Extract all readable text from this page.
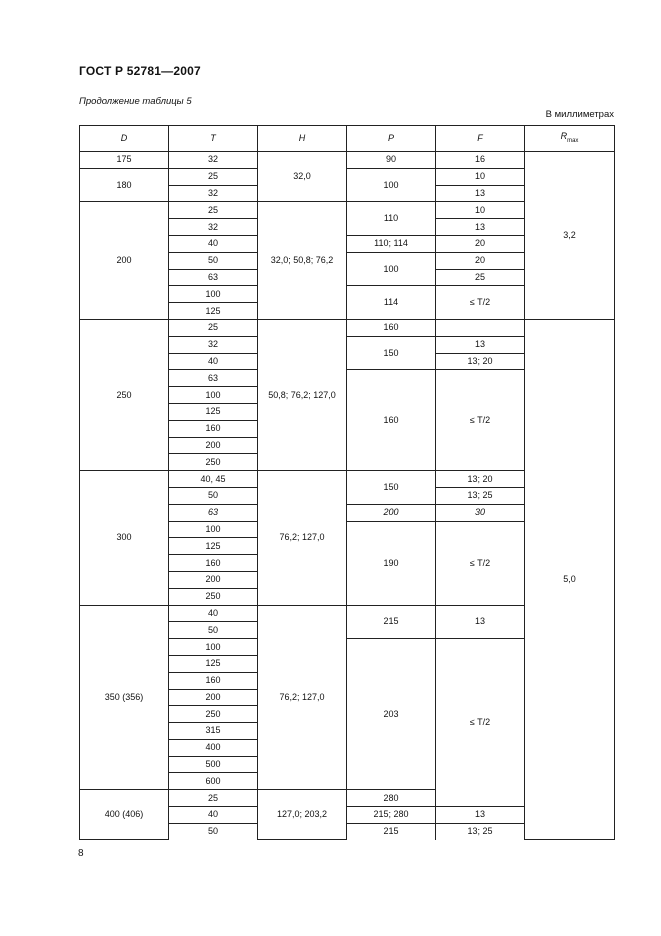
ГОСТ Р 52781—2007
Продолжение таблицы 5
В миллиметрах
D	T	H	P	F	$R_{max}$
175	32	32,0	90	16	3,2
180	25		100	10	
	32			13	
200	25	32,0; 50,8; 76,2	110	10	
	32			13	
	40		110; 114	20	
	50		100	20	
	63			25	
	100		114	≤ T/2	
	125				
250	25	50,8; 76,2; 127,0	160		5,0
	32		150	13	
	40			13; 20	
	63		160	≤ T/2	
	100				
	125				
	160				
	200				
	250				
300	40, 45	76,2; 127,0	150	13; 20	
	50			13; 25	
	63		200	30	
	100		190	≤ T/2	
	125				
	160				
	200				
	250				
350 (356)	40	76,2; 127,0	215	13	
	50				
	100		203	≤ T/2	
	125				
	160				
	200				
	250				
	315				
	400				
	500				
	600				
400 (406)	25	127,0; 203,2	280		
	40		215; 280	13	
	50		215	13; 25	
8
